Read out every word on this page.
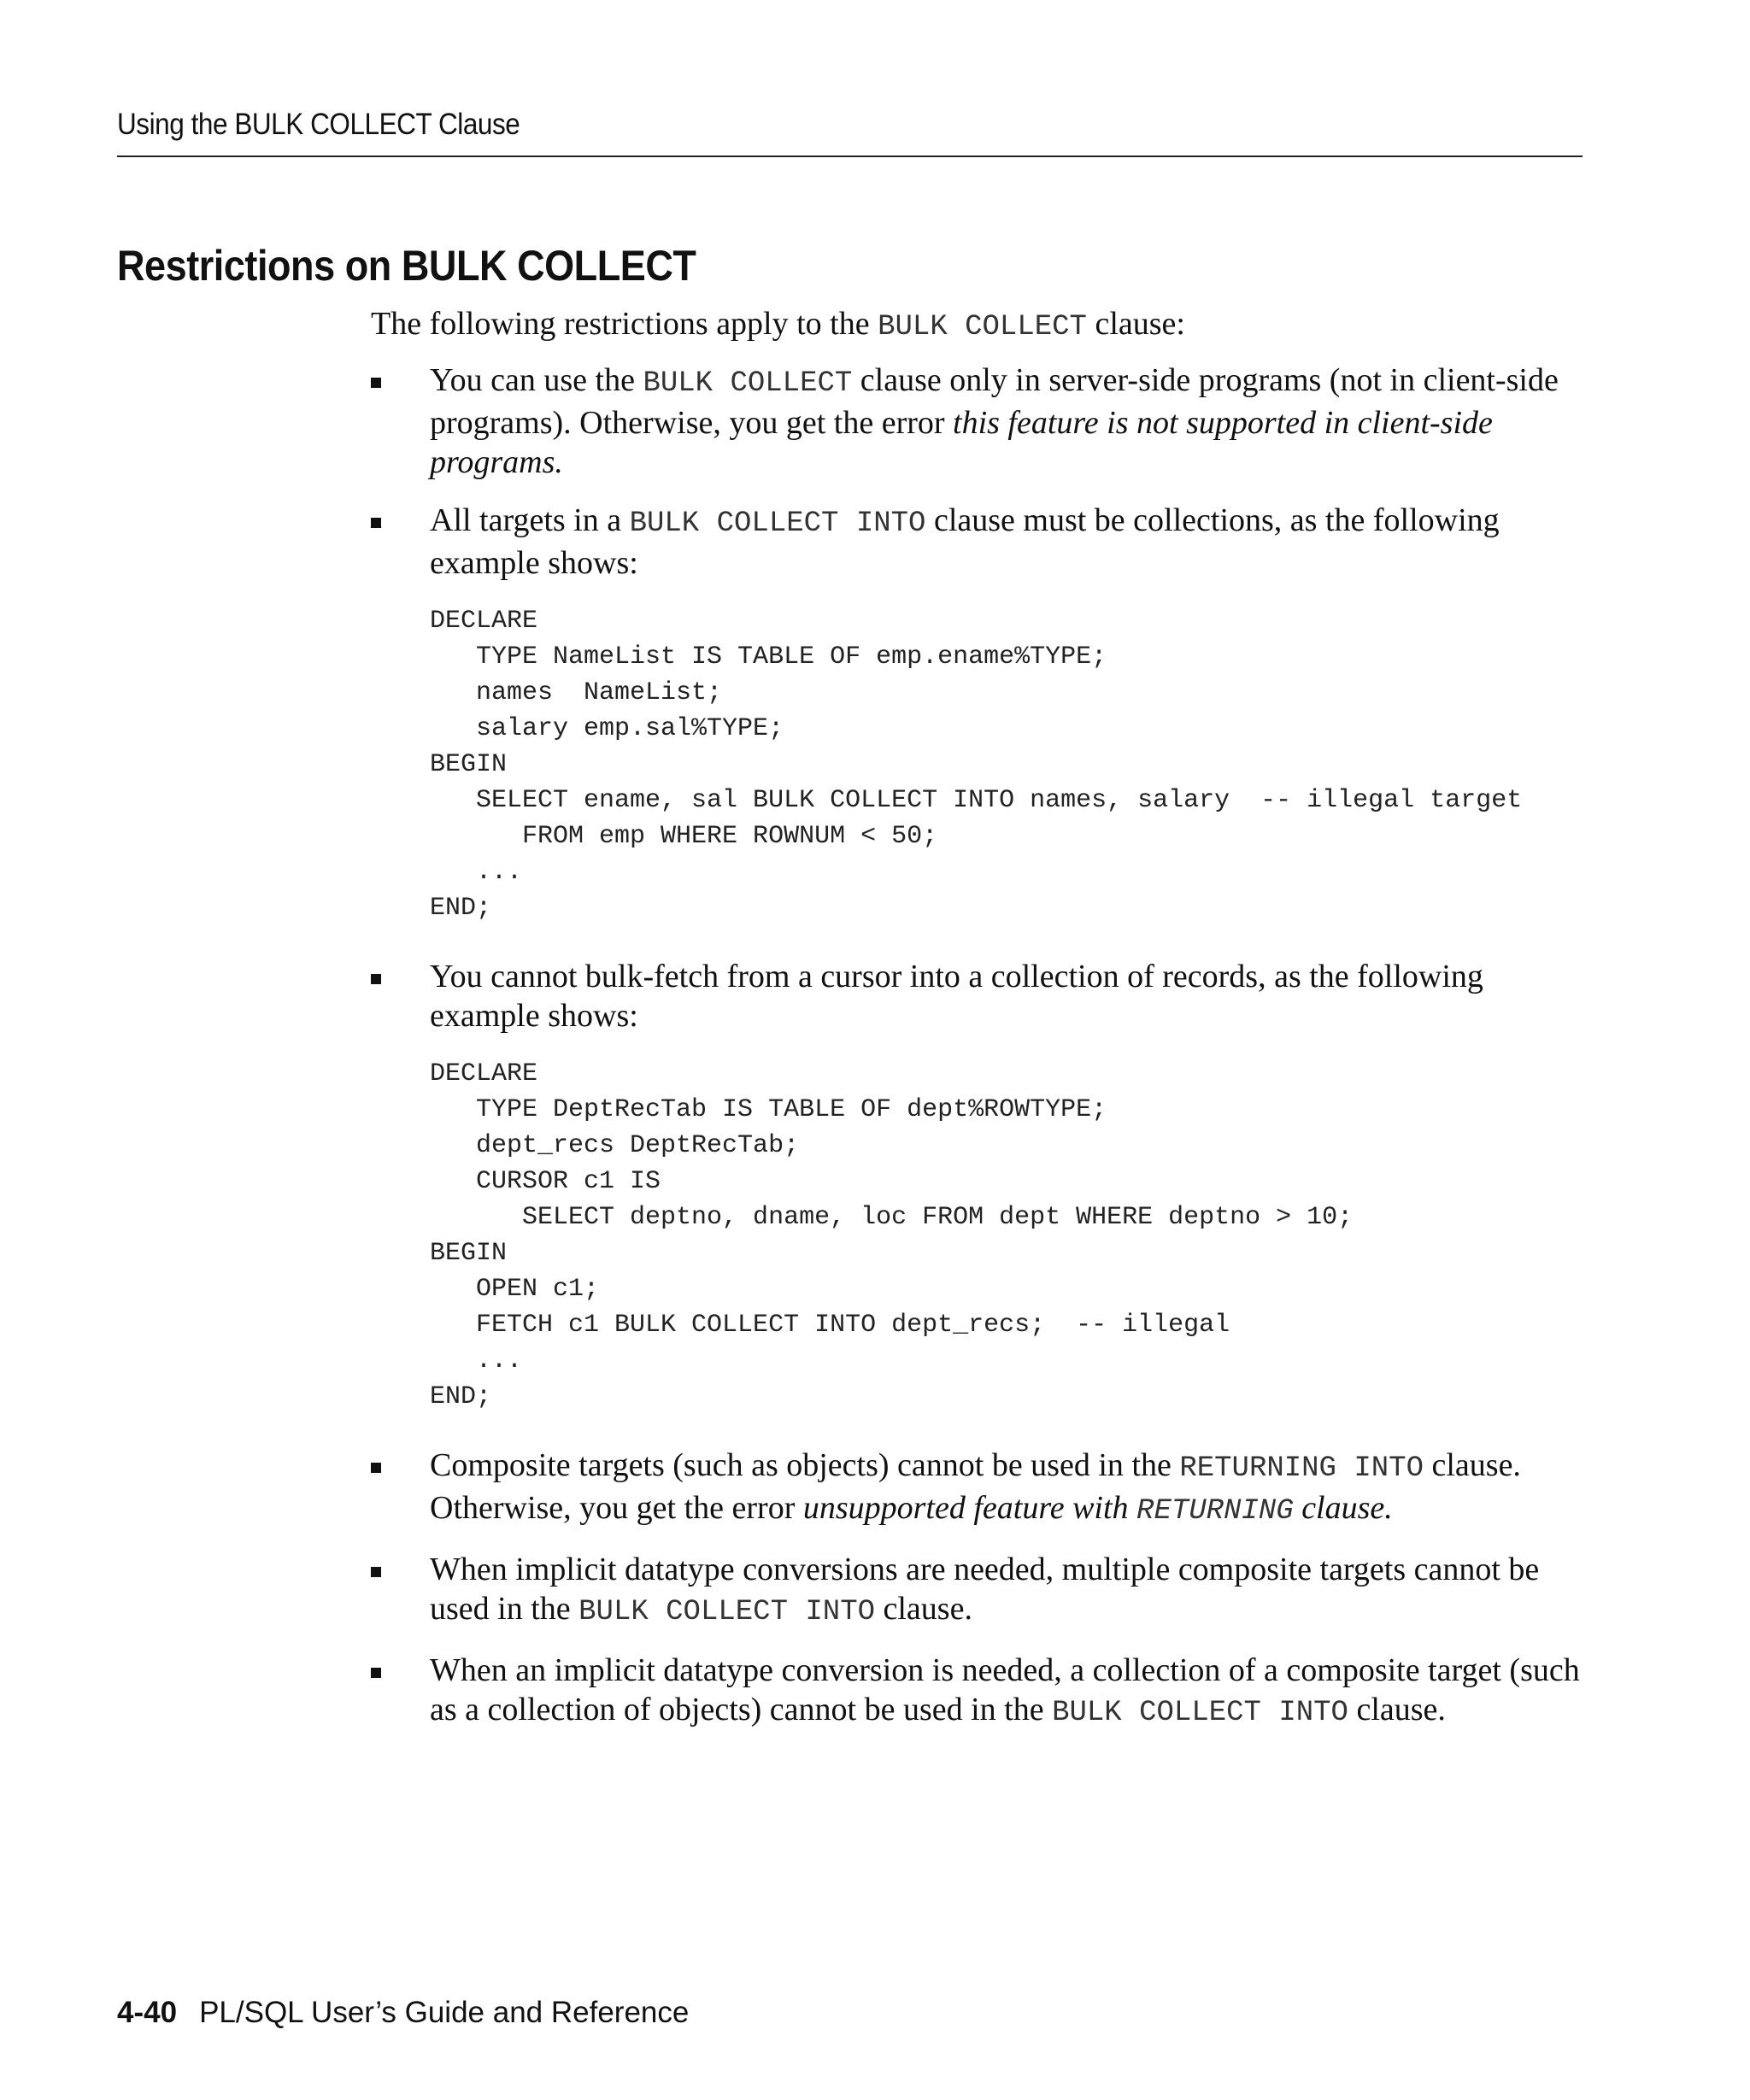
Using the BULK COLLECT Clause
Restrictions on BULK COLLECT

The following restrictions apply to the BULK COLLECT clause:

You can use the BULK COLLECT clause only in server-side programs (not in client-side programs). Otherwise, you get the error this feature is not supported in client-side programs.
All targets in a BULK COLLECT INTO clause must be collections, as the following example shows:
DECLARE
TYPE NameList IS TABLE OF emp.ename%TYPE;
names  NameList;
salary emp.sal%TYPE;
BEGIN
SELECT ename, sal BULK COLLECT INTO names, salary  -- illegal target
FROM emp WHERE ROWNUM < 50;
...
END;
You cannot bulk-fetch from a cursor into a collection of records, as the following example shows:
DECLARE
TYPE DeptRecTab IS TABLE OF dept%ROWTYPE;
dept_recs DeptRecTab;
CURSOR c1 IS
SELECT deptno, dname, loc FROM dept WHERE deptno > 10;
BEGIN
OPEN c1;
FETCH c1 BULK COLLECT INTO dept_recs;  -- illegal
...
END;
Composite targets (such as objects) cannot be used in the RETURNING INTO clause. Otherwise, you get the error unsupported feature with RETURNING clause.
When implicit datatype conversions are needed, multiple composite targets cannot be used in the BULK COLLECT INTO clause.
When an implicit datatype conversion is needed, a collection of a composite target (such as a collection of objects) cannot be used in the BULK COLLECT INTO clause.
4-40 PL/SQL User’s Guide and Reference
